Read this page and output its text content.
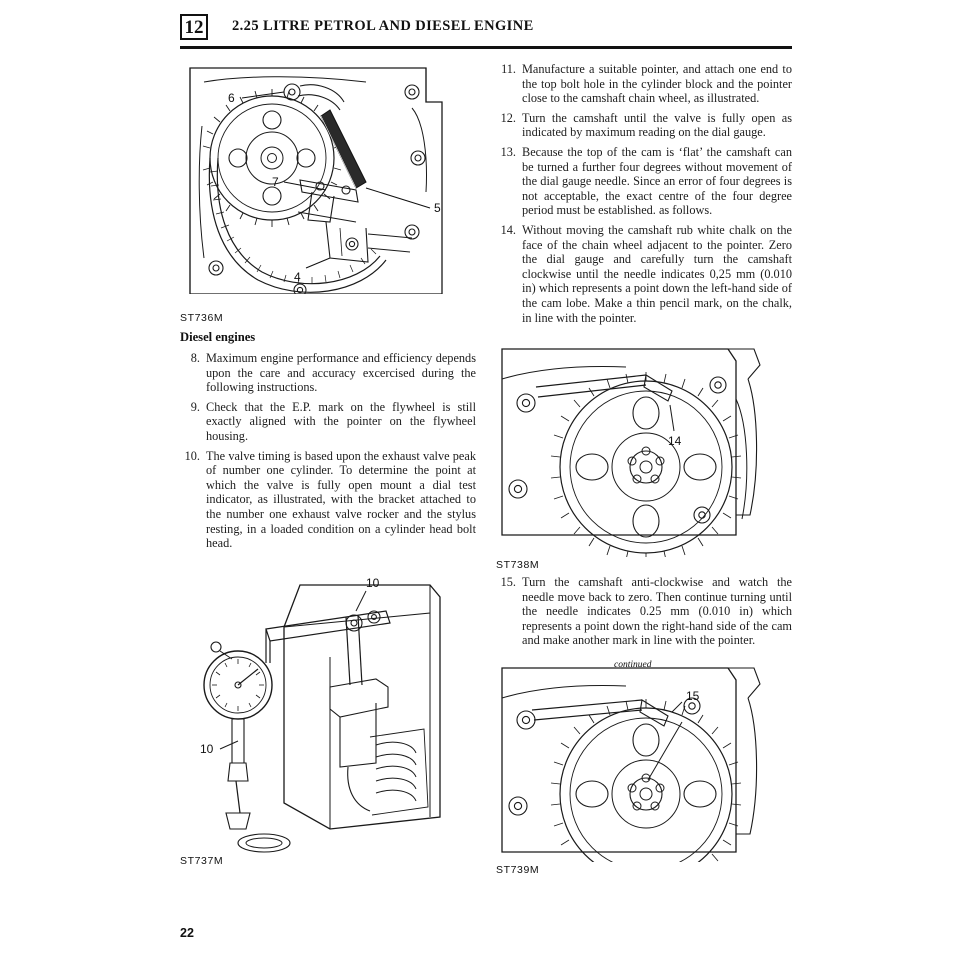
12	2.25 LITRE PETROL AND DIESEL ENGINE
6
7
4
5
ST736M
Diesel engines
8. Maximum engine performance and efficiency depends upon the care and accuracy excercised during the following instructions.
9. Check that the E.P. mark on the flywheel is still exactly aligned with the pointer on the flywheel housing.
10. The valve timing is based upon the exhaust valve peak of number one cylinder. To determine the point at which the valve is fully open mount a dial test indicator, as illustrated, with the bracket attached to the number one exhaust valve rocker and the stylus resting, in a loaded condition on a cylinder head bolt head.
10
10
ST737M
11. Manufacture a suitable pointer, and attach one end to the top bolt hole in the cylinder block and the pointer close to the camshaft chain wheel, as illustrated.
12. Turn the camshaft until the valve is fully open as indicated by maximum reading on the dial gauge.
13. Because the top of the cam is ‘flat’ the camshaft can be turned a further four degrees without movement of the dial gauge needle. Since an error of four degrees is not acceptable, the exact centre of the four degree period must be established. as follows.
14. Without moving the camshaft rub white chalk on the face of the chain wheel adjacent to the pointer. Zero the dial gauge and carefully turn the camshaft clockwise until the needle indicates 0,25 mm (0.010 in) which represents a point down the left-hand side of the cam lobe. Make a thin pencil mark, on the chalk, in line with the pointer.
14
ST738M
15. Turn the camshaft anti-clockwise and watch the needle move back to zero. Then continue turning until the needle indicates 0.25 mm (0.010 in) which represents a point down the right-hand side of the cam and make another mark in line with the pointer.
continued
15
ST739M
22
